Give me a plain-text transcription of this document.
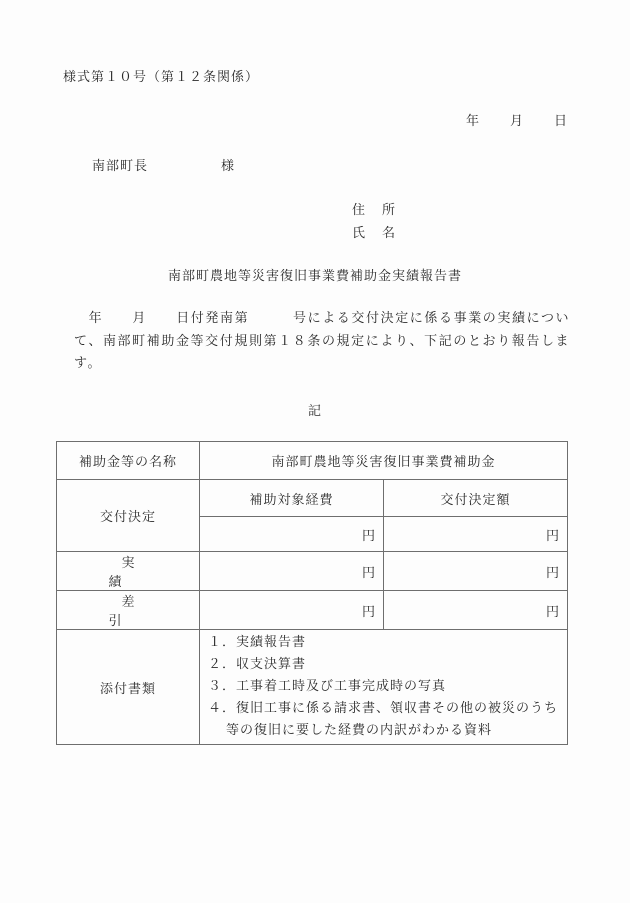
様式第１０号（第１２条関係）
年 月 日
南部町長	様
住 所
氏 名
南部町農地等災害復旧事業費補助金実績報告書
　年　　月　　日付発南第　　　号による交付決定に係る事業の実績について、南部町補助金等交付規則第１８条の規定により、下記のとおり報告します。
記
補助金等の名称	南部町農地等災害復旧事業費補助金	
交付決定	補助対象経費	交付決定額
	円	円
実　績	円	円
差　引	円	円
添付書類	１．実績報告書
２．収支決算書
３．工事着工時及び工事完成時の写真
４．復旧工事に係る請求書、領収書その他の被災のうち
等の復旧に要した経費の内訳がわかる資料	
